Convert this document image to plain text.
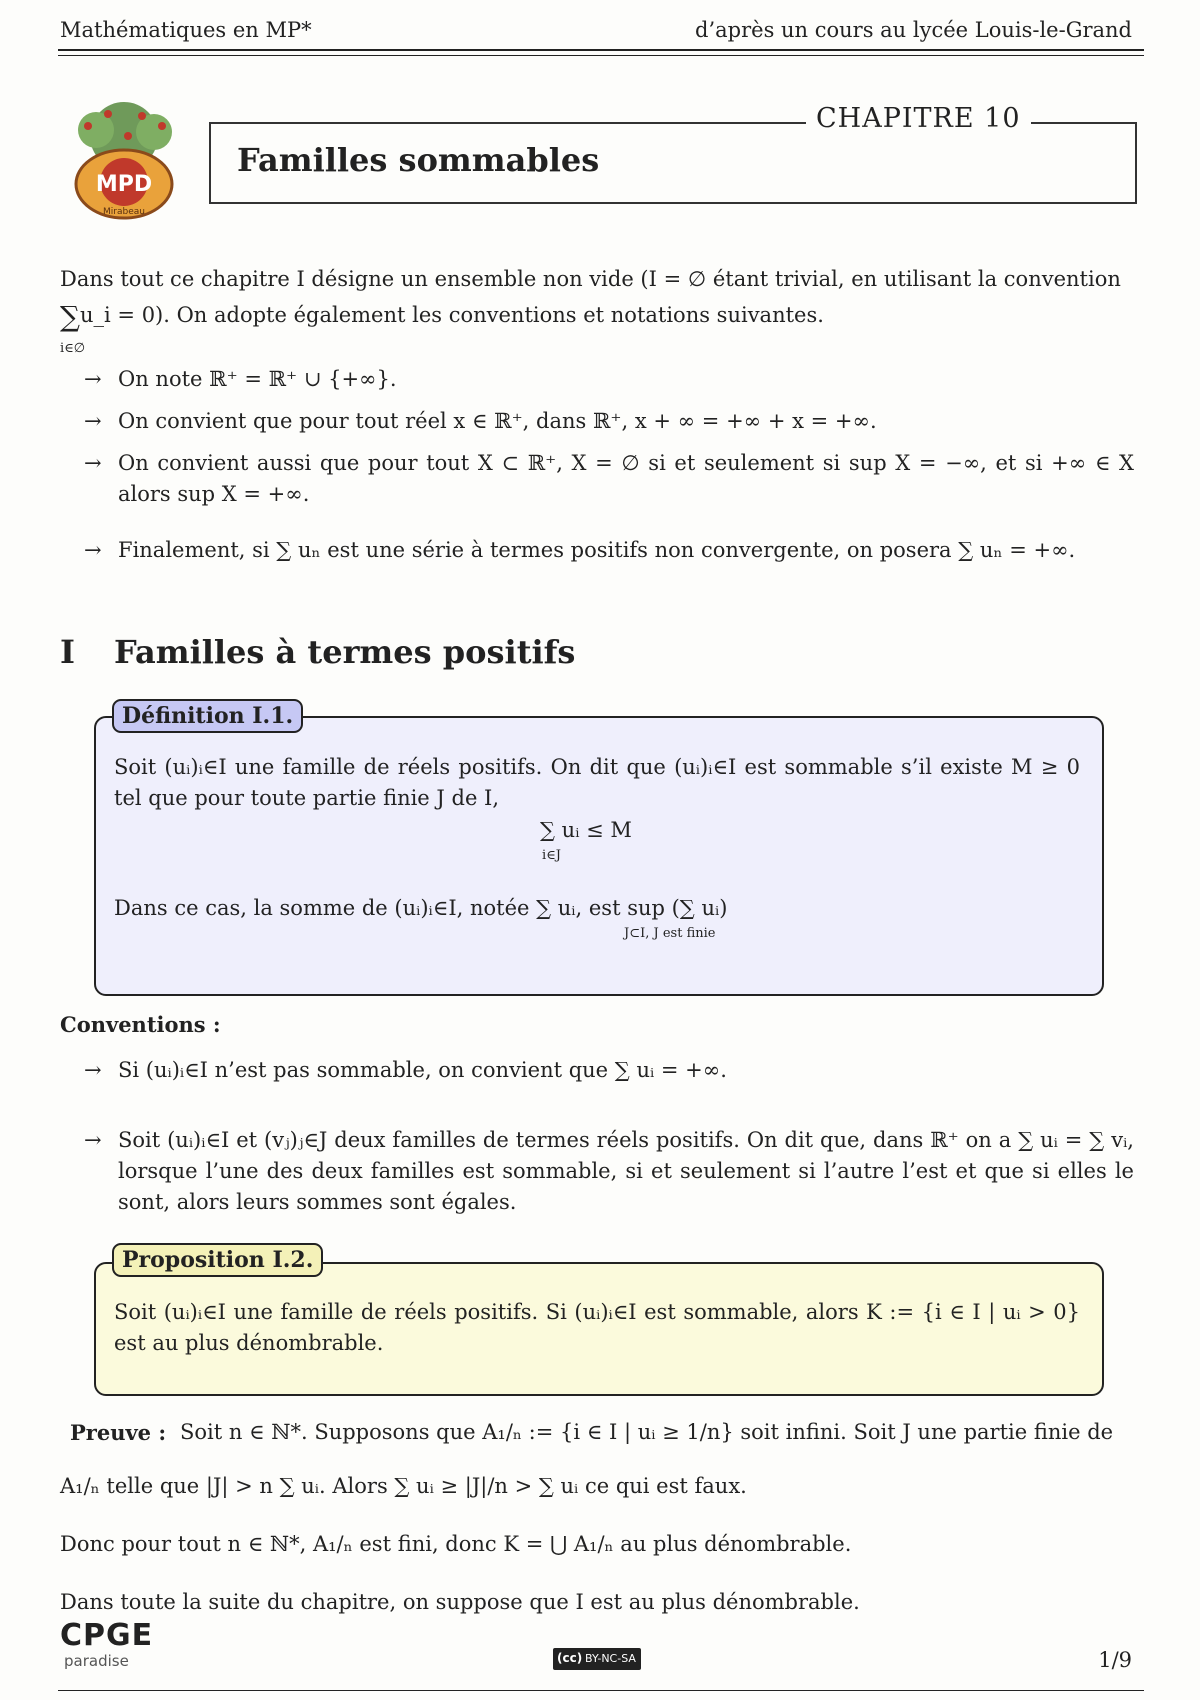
Mathématiques en MP*	d’après un cours au lycée Louis-le-Grand
MPD
Mirabeau
CHAPITRE 10
Familles sommables
Dans tout ce chapitre I désigne un ensemble non vide (I = ∅ étant trivial, en utilisant la convention
∑
i∈∅
u_i = 0). On adopte également les conventions et notations suivantes.
→ On note ℝ⁺ = ℝ⁺ ∪ {+∞}.
→ On convient que pour tout réel x ∈ ℝ⁺, dans ℝ⁺, x + ∞ = +∞ + x = +∞.
→ On convient aussi que pour tout X ⊂ ℝ⁺, X = ∅ si et seulement si sup X = −∞, et si +∞ ∈ X alors sup X = +∞.
→ Finalement, si ∑ uₙ est une série à termes positifs non convergente, on posera ∑ uₙ = +∞.
I Familles à termes positifs
Définition I.1.
Soit (uᵢ)ᵢ∈I une famille de réels positifs. On dit que (uᵢ)ᵢ∈I est sommable s’il existe M ≥ 0 tel que pour toute partie finie J de I,
∑ uᵢ ≤ M
i∈J
Dans ce cas, la somme de (uᵢ)ᵢ∈I, notée ∑ uᵢ, est sup (∑ uᵢ)
J⊂I, J est finie
Conventions :
→ Si (uᵢ)ᵢ∈I n’est pas sommable, on convient que ∑ uᵢ = +∞.
→ Soit (uᵢ)ᵢ∈I et (vⱼ)ⱼ∈J deux familles de termes réels positifs. On dit que, dans ℝ⁺ on a ∑ uᵢ = ∑ vᵢ, lorsque l’une des deux familles est sommable, si et seulement si l’autre l’est et que si elles le sont, alors leurs sommes sont égales.
Proposition I.2.
Soit (uᵢ)ᵢ∈I une famille de réels positifs. Si (uᵢ)ᵢ∈I est sommable, alors K := {i ∈ I | uᵢ > 0} est au plus dénombrable.
Preuve : Soit n ∈ ℕ*. Supposons que A₁/ₙ := {i ∈ I | uᵢ ≥ 1/n} soit infini. Soit J une partie finie de
A₁/ₙ telle que |J| > n ∑ uᵢ. Alors ∑ uᵢ ≥ |J|/n > ∑ uᵢ ce qui est faux.
Donc pour tout n ∈ ℕ*, A₁/ₙ est fini, donc K = ⋃ A₁/ₙ au plus dénombrable.
Dans toute la suite du chapitre, on suppose que I est au plus dénombrable.
CPGE
paradise	(cc) BY-NC-SA	1/9
